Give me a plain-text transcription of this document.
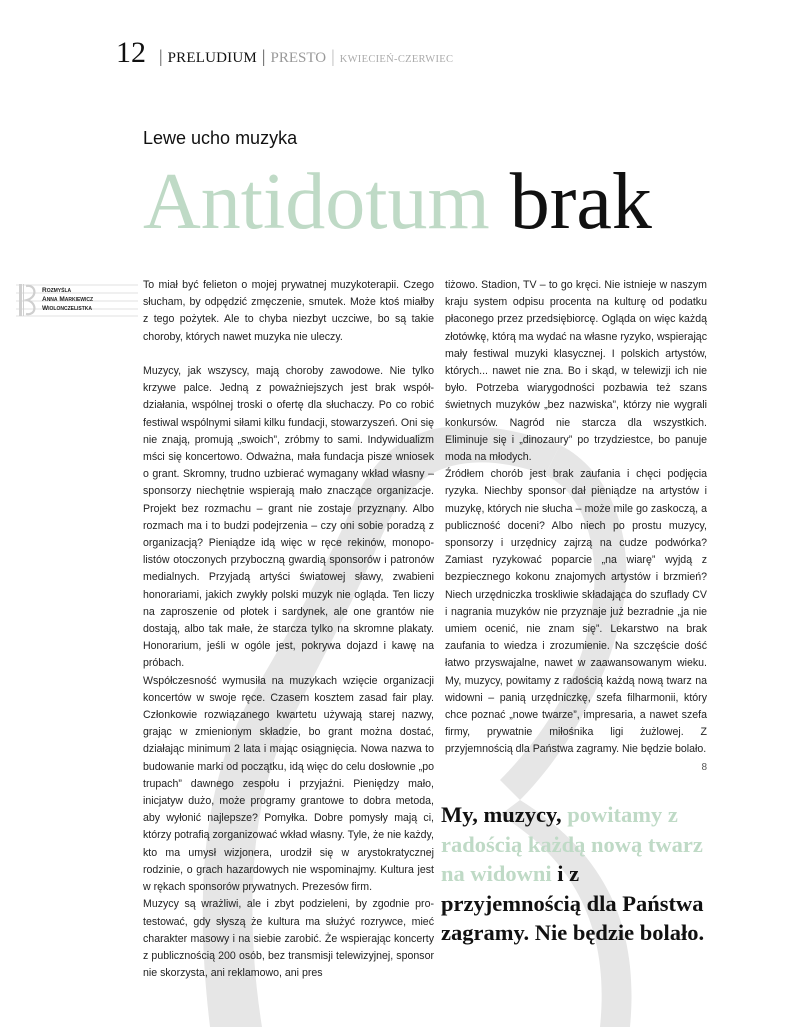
12 | PRELUDIUM | PRESTO | KWIECIEŃ-CZERWIEC
Lewe ucho muzyka
Antidotum brak
Rozmyśla
Anna Markiewicz
Wiolonczelistka

To miał być felieton o mojej prywatnej muzykoterapii. Czego słucham, by odpędzić zmęczenie, smutek. Może ktoś miałby z tego pożytek. Ale to chyba niezbyt uczciwe, bo są takie choroby, których nawet muzyka nie uleczy.

Muzycy, jak wszyscy, mają choroby zawodowe. Nie tylko krzywe palce. Jedną z poważniejszych jest brak współdziałania, wspólnej troski o ofertę dla słuchaczy. Po co robić festiwal wspólnymi siłami kilku fundacji, stowarzyszeń. Oni się nie znają, promują „swoich”, zróbmy to sami. Indywidualizm mści się koncertowo. Odważna, mała fundacja pisze wniosek o grant. Skromny, trudno uzbierać wymagany wkład własny – sponsorzy niechętnie wspierają mało znaczące organizacje. Projekt bez rozmachu – grant nie zostaje przyznany. Albo rozmach ma i to budzi podejrzenia – czy oni sobie poradzą z organizacją? Pieniądze idą więc w ręce rekinów, monopolistów otoczonych przyboczną gwardią sponsorów i patronów medialnych. Przyjadą artyści światowej sławy, zwabieni honorariami, jakich zwykły polski muzyk nie ogląda. Ten liczy na zaproszenie od płotek i sardynek, ale one grantów nie dostają, albo tak małe, że starcza tylko na skromne plakaty. Honorarium, jeśli w ogóle jest, pokrywa dojazd i kawę na próbach.

Współczesność wymusiła na muzykach wzięcie organizacji koncertów w swoje ręce. Czasem kosztem zasad fair play. Członkowie rozwiązanego kwartetu używają starej nazwy, grając w zmienionym składzie, bo grant można dostać, działając minimum 2 lata i mając osiągnięcia. Nowa nazwa to budowanie marki od początku, idą więc do celu dosłownie „po trupach” dawnego zespołu i przyjaźni. Pieniędzy mało, inicjatyw dużo, może programy grantowe to dobra metoda, aby wyłonić najlepsze? Pomyłka. Dobre pomysły mają ci, którzy potrafią zorganizować wkład własny. Tyle, że nie każdy, kto ma umysł wizjonera, urodził się w arystokratycznej rodzinie, o grach hazardowych nie wspominajmy. Kultura jest w rękach sponsorów prywatnych. Prezesów firm.

Muzycy są wrażliwi, ale i zbyt podzieleni, by zgodnie protestować, gdy słyszą że kultura ma służyć rozrywce, mieć charakter masowy i na siebie zarobić. Że wspierając koncerty z publicznością 200 osób, bez transmisji telewizyjnej, sponsor nie skorzysta, ani reklamowo, ani pres

tiżowo. Stadion, TV – to go kręci. Nie istnieje w naszym kraju system odpisu procenta na kulturę od podatku płaconego przez przedsiębiorcę. Ogląda on więc każdą złotówkę, którą ma wydać na własne ryzyko, wspierając mały festiwal muzyki klasycznej. I polskich artystów, których... nawet nie zna. Bo i skąd, w telewizji ich nie było. Potrzeba wiarygodności pozbawia też szans świetnych muzyków „bez nazwiska”, którzy nie wygrali konkursów. Nagród nie starcza dla wszystkich. Eliminuje się i „dinozaury” po trzydziestce, bo panuje moda na młodych.

Źródłem chorób jest brak zaufania i chęci podjęcia ryzyka. Niechby sponsor dał pieniądze na artystów i muzykę, których nie słucha – może mile go zaskoczą, a publiczność doceni? Albo niech po prostu muzycy, sponsorzy i urzędnicy zajrzą na cudze podwórka? Zamiast ryzykować poparcie „na wiarę” wyjdą z bezpiecznego kokonu znajomych artystów i brzmień? Niech urzędniczka troskliwie składająca do szuflady CV i nagrania muzyków nie przyznaje już bezradnie „ja nie umiem ocenić, nie znam się”. Lekarstwo na brak zaufania to wiedza i zrozumienie. Na szczęście dość łatwo przyswajalne, nawet w zaawansowanym wieku. My, muzycy, powitamy z radością każdą nową twarz na widowni – panią urzędniczkę, szefa filharmonii, który chce poznać „nowe twarze”, impresaria, a nawet szefa firmy, prywatnie miłośnika ligi żużlowej. Z przyjemnością dla Państwa zagramy. Nie będzie bolało.
8

My, muzycy, powitamy z radością każdą nową twarz na widowni i z przyjemnością dla Państwa zagramy. Nie będzie bolało.
